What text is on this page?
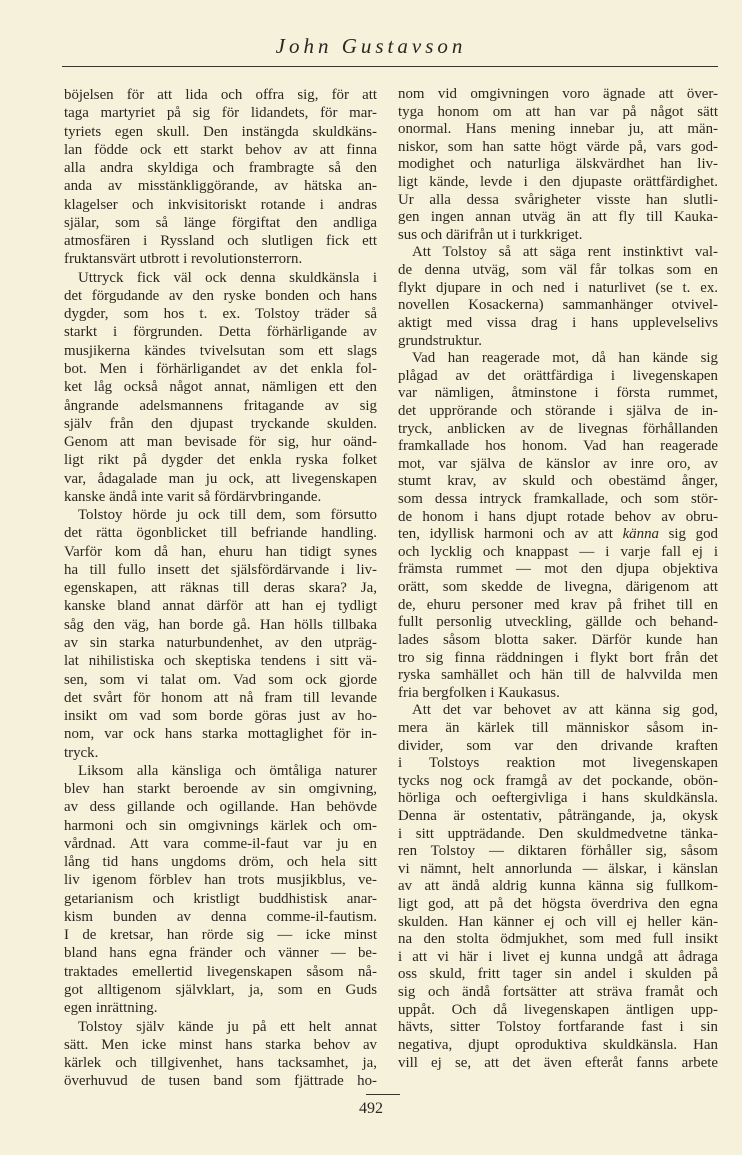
John Gustavson
böjelsen för att lida och offra sig, för att
taga martyriet på sig för lidandets, för mar-
tyriets egen skull. Den instängda skuldkäns-
lan födde ock ett starkt behov av att finna
alla andra skyldiga och frambragte så den
anda av misstänkliggörande, av hätska an-
klagelser och inkvisitoriskt rotande i andras
själar, som så länge förgiftat den andliga
atmosfären i Ryssland och slutligen fick ett
fruktansvärt utbrott i revolutionsterrorn.
Uttryck fick väl ock denna skuldkänsla i
det förgudande av den ryske bonden och hans
dygder, som hos t. ex. Tolstoy träder så
starkt i förgrunden. Detta förhärligande av
musjikerna kändes tvivelsutan som ett slags
bot. Men i förhärligandet av det enkla fol-
ket låg också något annat, nämligen ett den
ångrande adelsmannens fritagande av sig
själv från den djupast tryckande skulden.
Genom att man bevisade för sig, hur oänd-
ligt rikt på dygder det enkla ryska folket
var, ådagalade man ju ock, att livegenskapen
kanske ändå inte varit så fördärvbringande.
Tolstoy hörde ju ock till dem, som försutto
det rätta ögonblicket till befriande handling.
Varför kom då han, ehuru han tidigt synes
ha till fullo insett det själsfördärvande i liv-
egenskapen, att räknas till deras skara? Ja,
kanske bland annat därför att han ej tydligt
såg den väg, han borde gå. Han hölls tillbaka
av sin starka naturbundenhet, av den utpräg-
lat nihilistiska och skeptiska tendens i sitt vä-
sen, som vi talat om. Vad som ock gjorde
det svårt för honom att nå fram till levande
insikt om vad som borde göras just av ho-
nom, var ock hans starka mottaglighet för in-
tryck.
Liksom alla känsliga och ömtåliga naturer
blev han starkt beroende av sin omgivning,
av dess gillande och ogillande. Han behövde
harmoni och sin omgivnings kärlek och om-
vårdnad. Att vara comme-il-faut var ju en
lång tid hans ungdoms dröm, och hela sitt
liv igenom förblev han trots musjikblus, ve-
getarianism och kristligt buddhistisk anar-
kism bunden av denna comme-il-fautism.
I de kretsar, han rörde sig — icke minst
bland hans egna fränder och vänner — be-
traktades emellertid livegenskapen såsom nå-
got alltigenom självklart, ja, som en Guds
egen inrättning.
Tolstoy själv kände ju på ett helt annat
sätt. Men icke minst hans starka behov av
kärlek och tillgivenhet, hans tacksamhet, ja,
överhuvud de tusen band som fjättrade ho-
nom vid omgivningen voro ägnade att över-
tyga honom om att han var på något sätt
onormal. Hans mening innebar ju, att män-
niskor, som han satte högt värde på, vars god-
modighet och naturliga älskvärdhet han liv-
ligt kände, levde i den djupaste orättfärdighet.
Ur alla dessa svårigheter visste han slutli-
gen ingen annan utväg än att fly till Kauka-
sus och därifrån ut i turkkriget.
Att Tolstoy så att säga rent instinktivt val-
de denna utväg, som väl får tolkas som en
flykt djupare in och ned i naturlivet (se t. ex.
novellen Kosackerna) sammanhänger otvivel-
aktigt med vissa drag i hans upplevelselivs
grundstruktur.
Vad han reagerade mot, då han kände sig
plågad av det orättfärdiga i livegenskapen
var nämligen, åtminstone i första rummet,
det upprörande och störande i själva de in-
tryck, anblicken av de livegnas förhållanden
framkallade hos honom. Vad han reagerade
mot, var själva de känslor av inre oro, av
stumt krav, av skuld och obestämd ånger,
som dessa intryck framkallade, och som stör-
de honom i hans djupt rotade behov av obru-
ten, idyllisk harmoni och av att känna sig god
och lycklig och knappast — i varje fall ej i
främsta rummet — mot den djupa objektiva
orätt, som skedde de livegna, därigenom att
de, ehuru personer med krav på frihet till en
fullt personlig utveckling, gällde och behand-
lades såsom blotta saker. Därför kunde han
tro sig finna räddningen i flykt bort från det
ryska samhället och hän till de halvvilda men
fria bergfolken i Kaukasus.
Att det var behovet av att känna sig god,
mera än kärlek till människor såsom in-
divider, som var den drivande kraften
i Tolstoys reaktion mot livegenskapen
tycks nog ock framgå av det pockande, obön-
hörliga och oeftergivliga i hans skuldkänsla.
Denna är ostentativ, påträngande, ja, okysk
i sitt uppträdande. Den skuldmedvetne tänka-
ren Tolstoy — diktaren förhåller sig, såsom
vi nämnt, helt annorlunda — älskar, i känslan
av att ändå aldrig kunna känna sig fullkom-
ligt god, att på det högsta överdriva den egna
skulden. Han känner ej och vill ej heller kän-
na den stolta ödmjukhet, som med full insikt
i att vi här i livet ej kunna undgå att ådraga
oss skuld, fritt tager sin andel i skulden på
sig och ändå fortsätter att sträva framåt och
uppåt. Och då livegenskapen äntligen upp-
hävts, sitter Tolstoy fortfarande fast i sin
negativa, djupt oproduktiva skuldkänsla. Han
vill ej se, att det även efteråt fanns arbete
492
